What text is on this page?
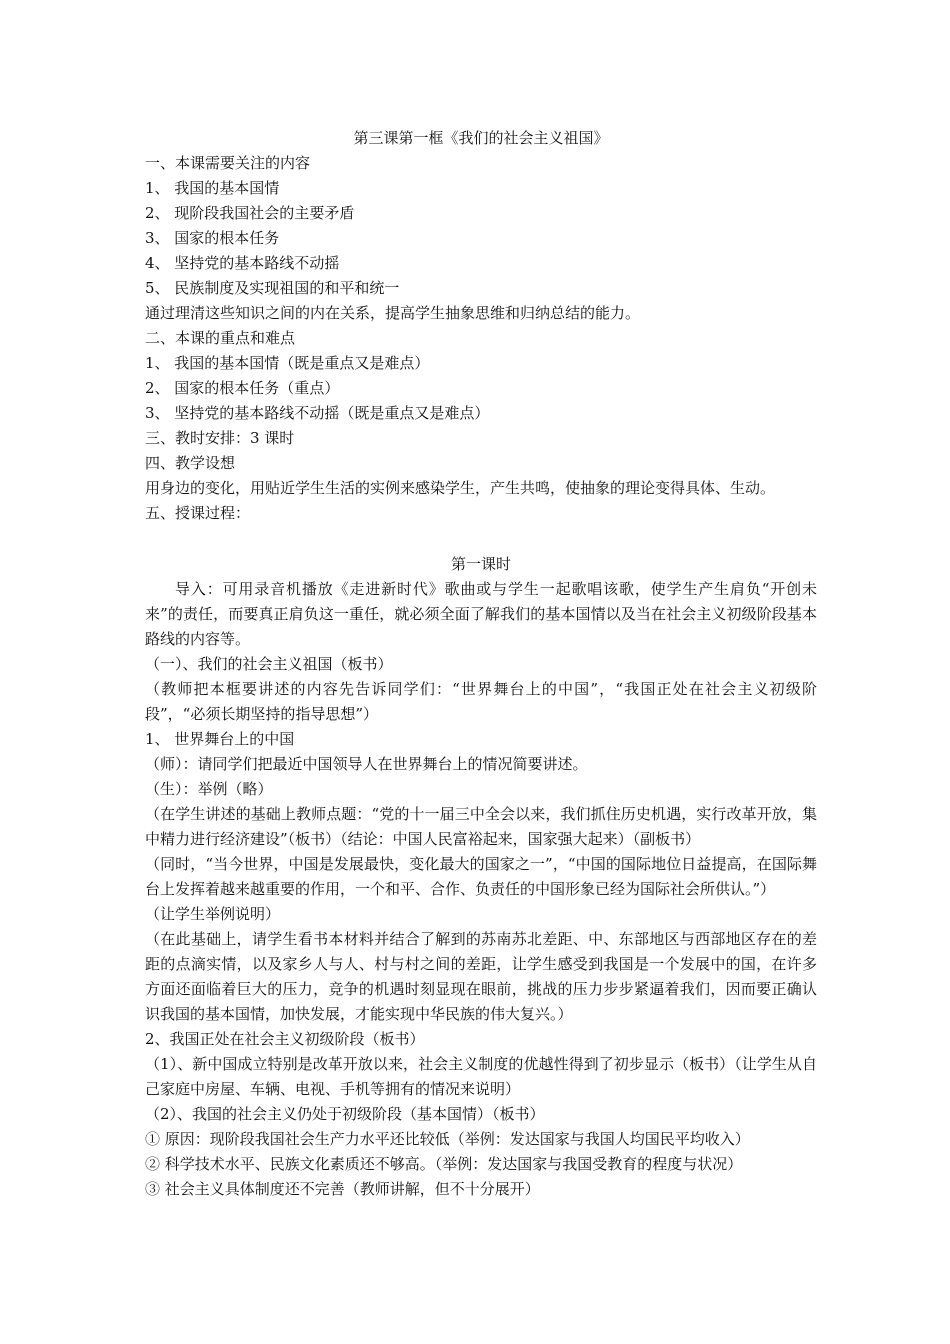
第三课第一框《我们的社会主义祖国》
一、本课需要关注的内容
1、 我国的基本国情
2、 现阶段我国社会的主要矛盾
3、 国家的根本任务
4、 坚持党的基本路线不动摇
5、 民族制度及实现祖国的和平和统一
通过理清这些知识之间的内在关系，提高学生抽象思维和归纳总结的能力。
二、本课的重点和难点
1、 我国的基本国情（既是重点又是难点）
2、 国家的根本任务（重点）
3、 坚持党的基本路线不动摇（既是重点又是难点）
三、教时安排：3 课时
四、教学设想
用身边的变化，用贴近学生生活的实例来感染学生，产生共鸣，使抽象的理论变得具体、生动。
五、授课过程：
第一课时
导入：可用录音机播放《走进新时代》歌曲或与学生一起歌唱该歌，使学生产生肩负“开创未来”的责任，而要真正肩负这一重任，就必须全面了解我们的基本国情以及当在社会主义初级阶段基本路线的内容等。
（一）、我们的社会主义祖国（板书）
（教师把本框要讲述的内容先告诉同学们：“世界舞台上的中国”，“我国正处在社会主义初级阶段”，“必须长期坚持的指导思想”）
1、 世界舞台上的中国
（师）：请同学们把最近中国领导人在世界舞台上的情况简要讲述。
（生）：举例（略）
（在学生讲述的基础上教师点题：“党的十一届三中全会以来，我们抓住历史机遇，实行改革开放，集中精力进行经济建设”（板书）（结论：中国人民富裕起来，国家强大起来）（副板书）
（同时，“当今世界，中国是发展最快，变化最大的国家之一”，“中国的国际地位日益提高，在国际舞台上发挥着越来越重要的作用，一个和平、合作、负责任的中国形象已经为国际社会所供认。”）
（让学生举例说明）
（在此基础上，请学生看书本材料并结合了解到的苏南苏北差距、中、东部地区与西部地区存在的差距的点滴实情，以及家乡人与人、村与村之间的差距，让学生感受到我国是一个发展中的国，在许多方面还面临着巨大的压力，竞争的机遇时刻显现在眼前，挑战的压力步步紧逼着我们，因而要正确认识我国的基本国情，加快发展，才能实现中华民族的伟大复兴。）
2、我国正处在社会主义初级阶段（板书）
（1）、新中国成立特别是改革开放以来，社会主义制度的优越性得到了初步显示（板书）（让学生从自己家庭中房屋、车辆、电视、手机等拥有的情况来说明）
（2）、我国的社会主义仍处于初级阶段（基本国情）（板书）
① 原因：现阶段我国社会生产力水平还比较低（举例：发达国家与我国人均国民平均收入）
② 科学技术水平、民族文化素质还不够高。（举例：发达国家与我国受教育的程度与状况）
③ 社会主义具体制度还不完善（教师讲解，但不十分展开）
